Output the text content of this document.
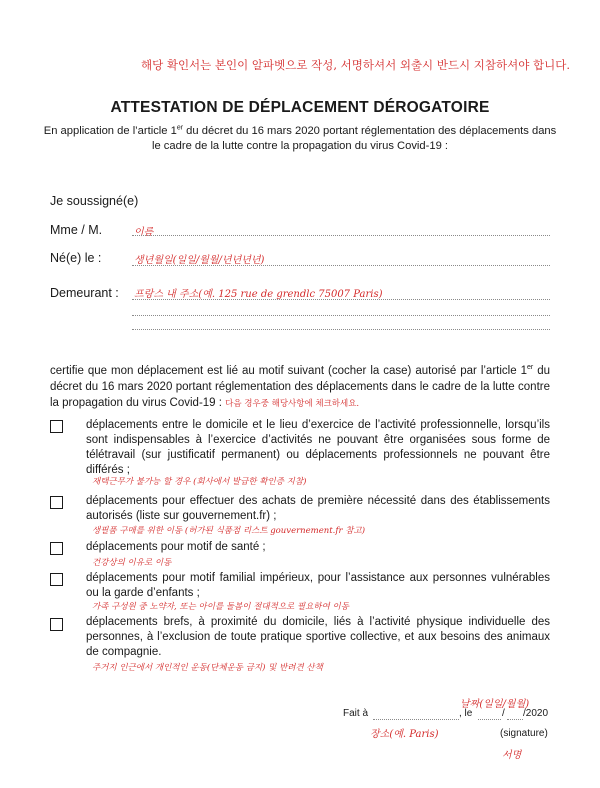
해당 확인서는 본인이 알파벳으로 작성, 서명하셔서 외출시 반드시 지참하셔야 합니다.
ATTESTATION DE DÉPLACEMENT DÉROGATOIRE
En application de l’article 1er du décret du 16 mars 2020 portant réglementation des déplacements dans le cadre de la lutte contre la propagation du virus Covid-19 :
Je soussigné(e)
Mme / M.	이름
Né(e) le :	생년월일(일일/월월/년년년년)
Demeurant : 프랑스 내 주소(예. 125 rue de grendlc 75007 Paris)
certifie que mon déplacement est lié au motif suivant (cocher la case) autorisé par l’article 1er du décret du 16 mars 2020 portant réglementation des déplacements dans le cadre de la lutte contre la propagation du virus Covid-19 : 다음 경우중 해당사항에 체크하세요.
déplacements entre le domicile et le lieu d’exercice de l’activité professionnelle, lorsqu’ils sont indispensables à l’exercice d’activités ne pouvant être organisées sous forme de télétravail (sur justificatif permanent) ou déplacements professionnels ne pouvant être différés ;
재택근무가 불가능 할 경우 (회사에서 발급한 확인증 지참)
déplacements pour effectuer des achats de première nécessité dans des établissements autorisés (liste sur gouvernement.fr) ;
생필품 구매를 위한 이동 (허가된 식품점 리스트 gouvernement.fr 참고)
déplacements pour motif de santé ;
건강상의 이유로 이동
déplacements pour motif familial impérieux, pour l’assistance aux personnes vulnérables ou la garde d’enfants ;
가족 구성원 중 노약자, 또는 아이를 돌봄이 절대적으로 필요하여 이동
déplacements brefs, à proximité du domicile, liés à l’activité physique individuelle des personnes, à l’exclusion de toute pratique sportive collective, et aux besoins des animaux de compagnie.
주거지 인근에서 개인적인 운동(단체운동 금지) 및 반려견 산책
날짜(일일/월월)
Fait à	, le	/ /2020
장소(예. Paris)	(signature)
서명
